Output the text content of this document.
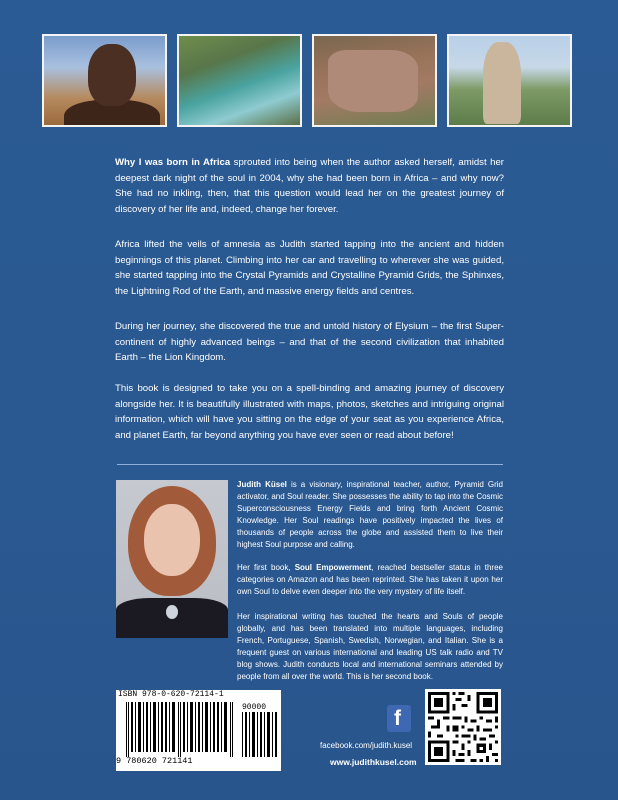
Why I was born in Africa sprouted into being when the author asked herself, amidst her deepest dark night of the soul in 2004, why she had been born in Africa – and why now? She had no inkling, then, that this question would lead her on the greatest journey of discovery of her life and, indeed, change her forever.

Africa lifted the veils of amnesia as Judith started tapping into the ancient and hidden beginnings of this planet. Climbing into her car and travelling to wherever she was guided, she started tapping into the Crystal Pyramids and Crystalline Pyramid Grids, the Sphinxes, the Lightning Rod of the Earth, and massive energy fields and centres.

During her journey, she discovered the true and untold history of Elysium – the first Super-continent of highly advanced beings – and that of the second civilization that inhabited Earth – the Lion Kingdom.

This book is designed to take you on a spell-binding and amazing journey of discovery alongside her. It is beautifully illustrated with maps, photos, sketches and intriguing original information, which will have you sitting on the edge of your seat as you experience Africa, and planet Earth, far beyond anything you have ever seen or read about before!

Judith Küsel is a visionary, inspirational teacher, author, Pyramid Grid activator, and Soul reader. She possesses the ability to tap into the Cosmic Superconsciousness Energy Fields and bring forth Ancient Cosmic Knowledge. Her Soul readings have positively impacted the lives of thousands of people across the globe and assisted them to live their highest Soul purpose and calling.

Her first book, Soul Empowerment, reached bestseller status in three categories on Amazon and has been reprinted. She has taken it upon her own Soul to delve even deeper into the very mystery of life itself.

Her inspirational writing has touched the hearts and Souls of people globally, and has been translated into multiple languages, including French, Portuguese, Spanish, Swedish, Norwegian, and Italian. She is a frequent guest on various international and leading US talk radio and TV blog shows. Judith conducts local and international seminars attended by people from all over the world. This is her second book.

ISBN 978-0-620-72114-1
90000
9 780620 721141
f
facebook.com/judith.kusel
www.judithkusel.com
